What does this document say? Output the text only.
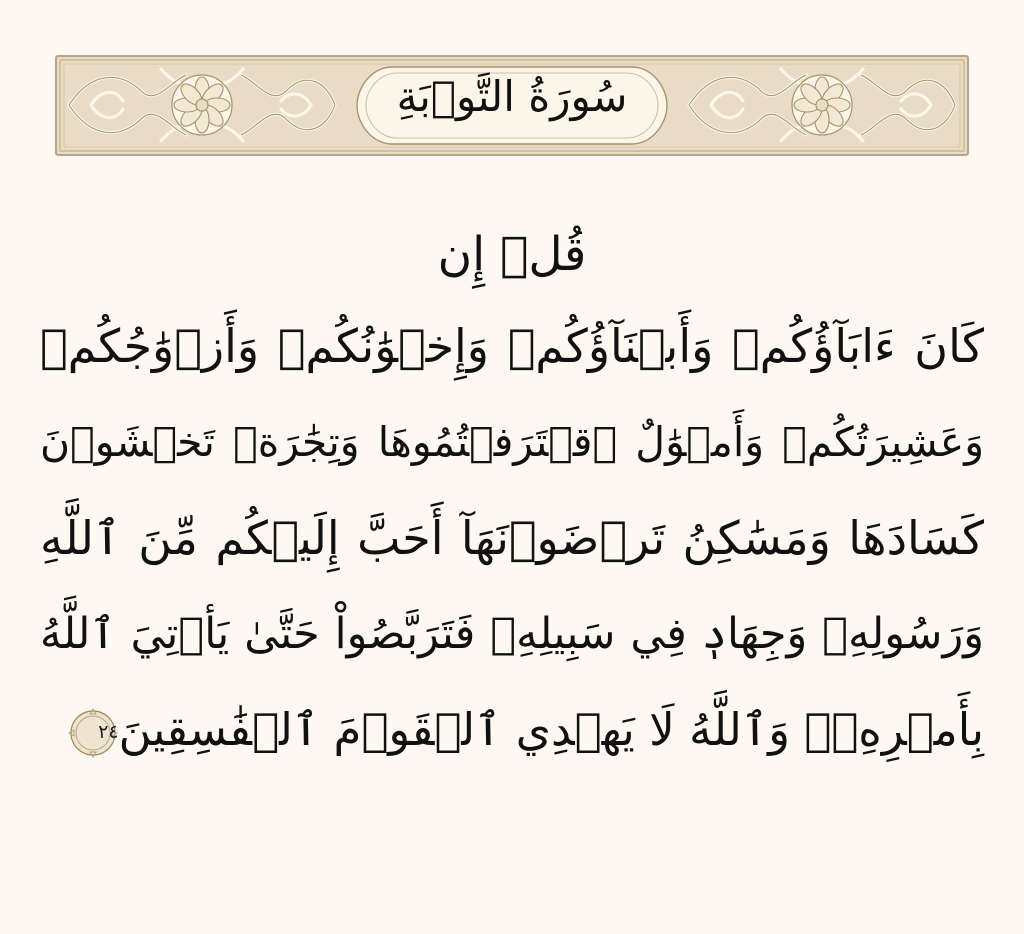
سُورَةُ التَّوۡبَةِ
قُلۡ إِن
كَانَ ءَابَآؤُكُمۡ وَأَبۡنَآؤُكُمۡ وَإِخۡوَٰنُكُمۡ وَأَزۡوَٰجُكُمۡ
وَعَشِيرَتُكُمۡ وَأَمۡوَٰلٌ ٱقۡتَرَفۡتُمُوهَا وَتِجَٰرَةٞ تَخۡشَوۡنَ
كَسَادَهَا وَمَسَٰكِنُ تَرۡضَوۡنَهَآ أَحَبَّ إِلَيۡكُم مِّنَ ٱللَّهِ
وَرَسُولِهِۦ وَجِهَادٖ فِي سَبِيلِهِۦ فَتَرَبَّصُواْ حَتَّىٰ يَأۡتِيَ ٱللَّهُ
بِأَمۡرِهِۦۗ وَٱللَّهُ لَا يَهۡدِي ٱلۡقَوۡمَ ٱلۡفَٰسِقِينَ
٢٤
